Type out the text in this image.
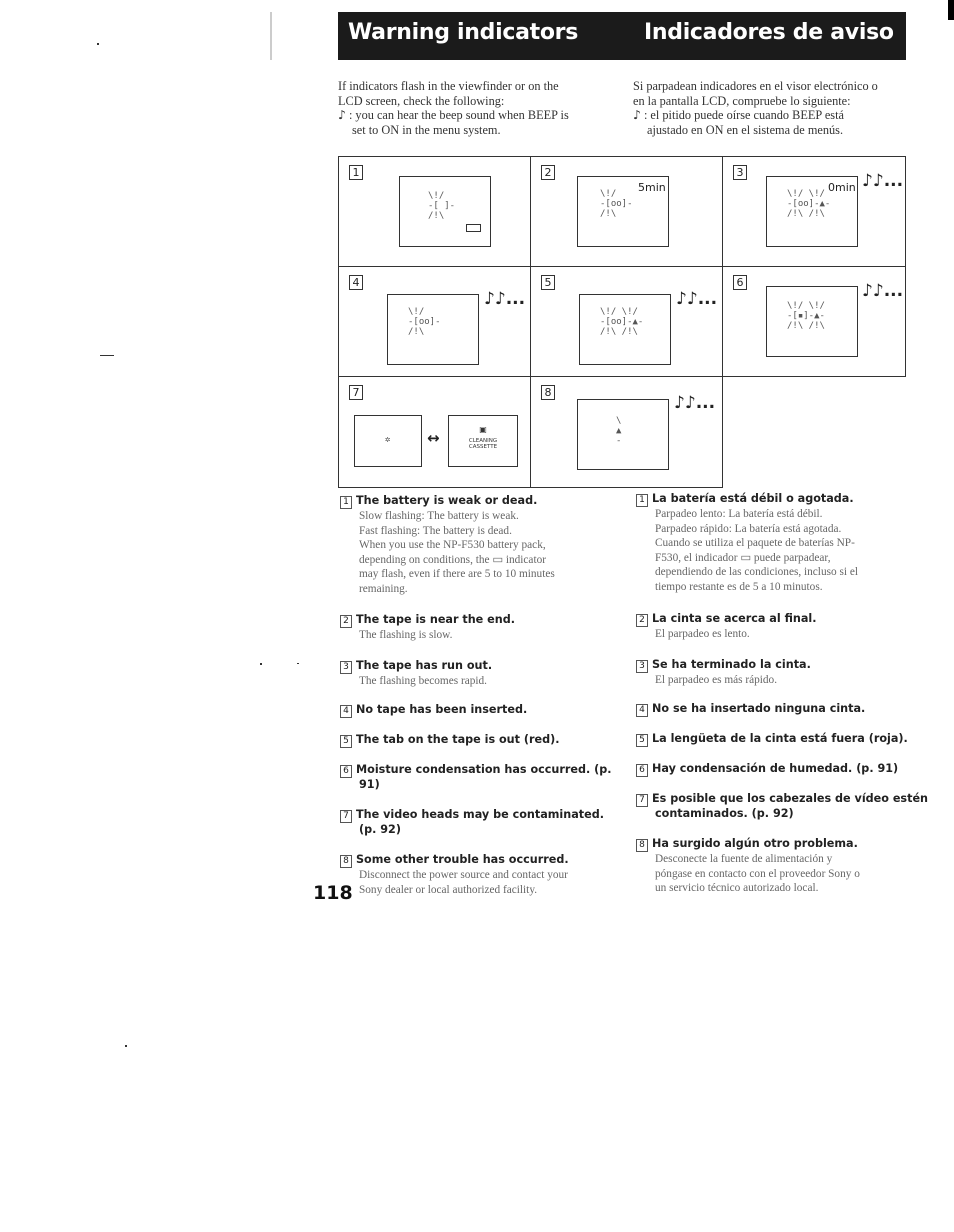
Warning indicators	Indicadores de aviso

If indicators flash in the viewfinder or on the

LCD screen, check the following:

♪ : you can hear the beep sound when BEEP is

set to ON in the menu system.

Si parpadean indicadores en el visor electrónico o

en la pantalla LCD, compruebe lo siguiente:

♪ : el pitido puede oírse cuando BEEP está

ajustado en ON en el sistema de menús.

1
\!/
-[ ]-
/!\
2
5min
\!/
-[oo]-
/!\
3
0min
\!/ \!/
-[oo]-▲-
/!\ /!\
♪♪...
4
\!/
-[oo]-
/!\
♪♪...
5
\!/ \!/
-[oo]-▲-
/!\ /!\
♪♪...
6
\!/ \!/
-[▪]-▲-
/!\ /!\
♪♪...
7
✲ ↔	▣
CLEANING
CASSETTE
8
\
▲
-
♪♪...
1 The battery is weak or dead.

Slow flashing: The battery is weak.

Fast flashing: The battery is dead.

When you use the NP-F530 battery pack,

depending on conditions, the ▭ indicator

may flash, even if there are 5 to 10 minutes

remaining.

2 The tape is near the end.

The flashing is slow.

3 The tape has run out.

The flashing becomes rapid.

4 No tape has been inserted.
5 The tab on the tape is out (red).
6 Moisture condensation has occurred. (p.
91)
7 The video heads may be contaminated.
(p. 92)
8 Some other trouble has occurred.

Disconnect the power source and contact your

Sony dealer or local authorized facility.

1 La batería está débil o agotada.

Parpadeo lento: La batería está débil.

Parpadeo rápido: La batería está agotada.

Cuando se utiliza el paquete de baterías NP-

F530, el indicador ▭ puede parpadear,

dependiendo de las condiciones, incluso si el

tiempo restante es de 5 a 10 minutos.

2 La cinta se acerca al final.

El parpadeo es lento.

3 Se ha terminado la cinta.

El parpadeo es más rápido.

4 No se ha insertado ninguna cinta.
5 La lengüeta de la cinta está fuera (roja).
6 Hay condensación de humedad. (p. 91)
7 Es posible que los cabezales de vídeo estén
contaminados. (p. 92)
8 Ha surgido algún otro problema.

Desconecte la fuente de alimentación y

póngase en contacto con el proveedor Sony o

un servicio técnico autorizado local.

118
